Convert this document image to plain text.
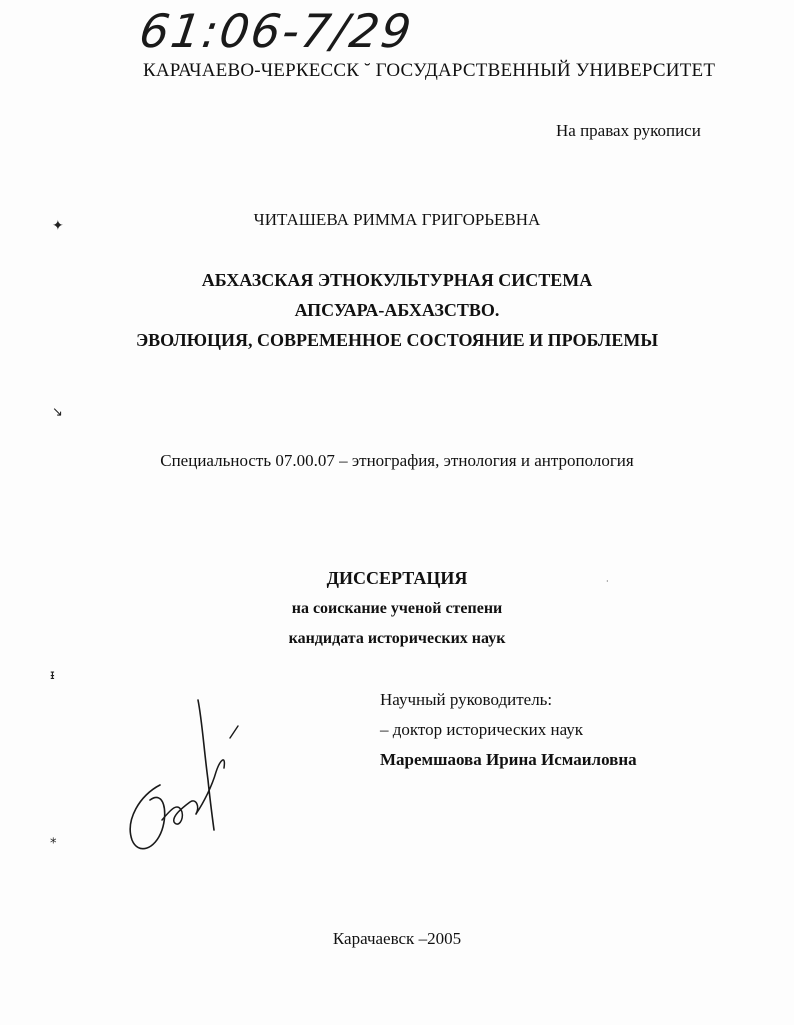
61:06-7/29
КАРАЧАЕВО-ЧЕРКЕССК ˘ ГОСУДАРСТВЕННЫЙ УНИВЕРСИТЕТ
На правах рукописи
ЧИТАШЕВА РИММА ГРИГОРЬЕВНА
АБХАЗСКАЯ ЭТНОКУЛЬТУРНАЯ СИСТЕМА
АПСУАРА-АБХАЗСТВО.
ЭВОЛЮЦИЯ, СОВРЕМЕННОЕ СОСТОЯНИЕ И ПРОБЛЕМЫ
Специальность 07.00.07 – этнография, этнология и антропология
ДИССЕРТАЦИЯ
на соискание ученой степени
кандидата исторических наук
Научный руководитель:
– доктор исторических наук
Маремшаова Ирина Исмаиловна
Карачаевск –2005
✦
↘
ᵻ
⁎
·
